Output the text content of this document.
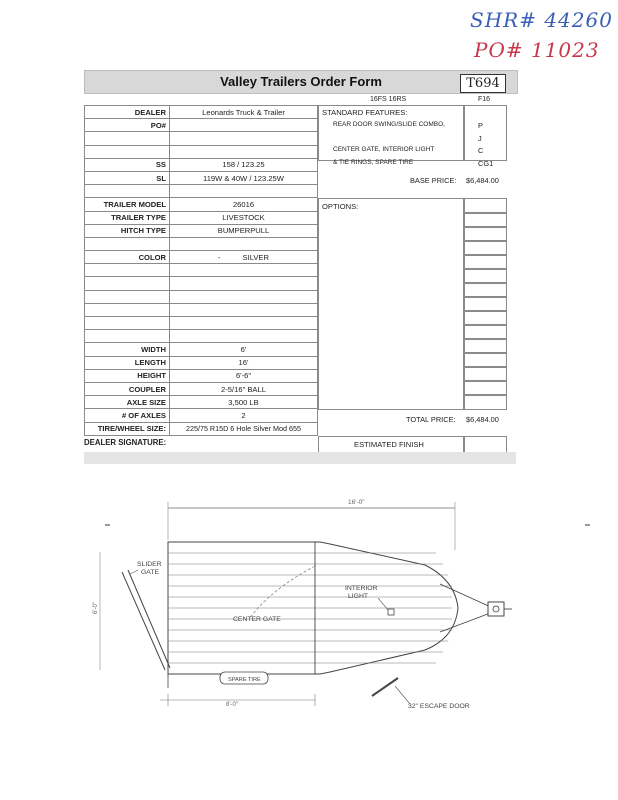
SHR# 44260
PO# 11023
Valley Trailers Order Form	T694
DEALER	Leonards Truck & Trailer
PO#	

SS	158 / 123.25
SL	119W & 40W / 123.25W

TRAILER MODEL	26016
TRAILER TYPE	LIVESTOCK
HITCH TYPE	BUMPERPULL

COLOR	- SILVER

WIDTH	6'
LENGTH	16'
HEIGHT	6'-6"
COUPLER	2-5/16" BALL
AXLE SIZE	3,500 LB
# OF AXLES	2
TIRE/WHEEL SIZE:	225/75 R15D 6 Hole Silver Mod 655
16FS 16RS	F16
STANDARD FEATURES:
REAR DOOR SWING/SLIDE COMBO,	P
J
CENTER GATE, INTERIOR LIGHT	C
& TIE RINGS, SPARE TIRE	CG1
BASE PRICE: $6,484.00
OPTIONS:
TOTAL PRICE: $6,484.00
DEALER SIGNATURE:	ESTIMATED FINISH
16'-0"
6'-0"
8'-0"
INTERIOR
LIGHT
SLIDER
GATE
CENTER GATE
SPARE TIRE
32" ESCAPE DOOR
